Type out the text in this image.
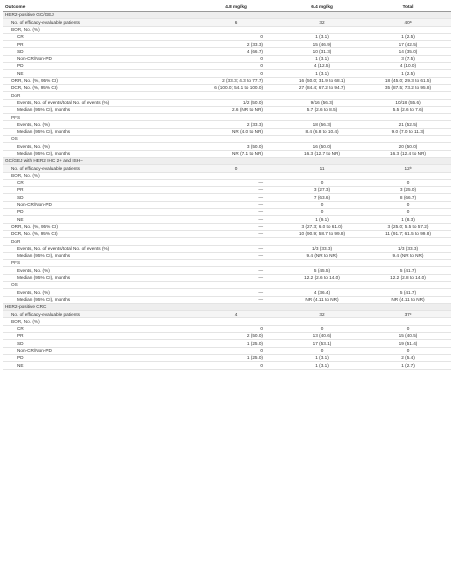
Outcome	4.8 mg/kg	6.4 mg/kg	Total
HER2-positive GC/GEJ			
No. of efficacy-evaluable patients	6	32	40ᵃ
BOR, No. (%)			
CR	0	1 (3.1)	1 (2.5)
PR	2 (33.3)	15 (46.9)	17 (42.5)
SD	4 (66.7)	10 (31.3)	14 (35.0)
Non-CR/Non-PD	0	1 (3.1)	3 (7.5)
PD	0	4 (12.5)	4 (10.0)
NE	0	1 (3.1)	1 (2.5)
ORR, No. (%, 95% CI)	2 (33.3; 4.3 to 77.7)	16 (50.0; 31.9 to 68.1)	18 (45.0; 29.3 to 61.5)
DCR, No. (%, 95% CI)	6 (100.0; 54.1 to 100.0)	27 (84.4; 67.2 to 94.7)	35 (87.5; 73.2 to 95.8)
DoR			
Events, No. of events/total No. of events (%)	1/2 (50.0)	9/16 (56.3)	10/18 (55.6)
Median (95% CI), months	2.6 (NR to NR)	5.7 (2.6 to 8.5)	5.5 (2.6 to 7.6)
PFS			
Events, No. (%)	2 (33.3)	18 (56.3)	21 (52.5)
Median (95% CI), months	NR (4.0 to NR)	8.4 (6.8 to 10.4)	9.0 (7.0 to 11.3)
OS			
Events, No. (%)	3 (50.0)	16 (50.0)	20 (50.0)
Median (95% CI), months	NR (7.1 to NR)	16.3 (12.7 to NR)	16.3 (12.4 to NR)
GC/GEJ with HER2 IHC 2+ and ISH−			
No. of efficacy-evaluable patients	0	11	12ᵇ
BOR, No. (%)			
CR	—	0	0
PR	—	3 (27.3)	3 (25.0)
SD	—	7 (63.6)	8 (66.7)
Non-CR/Non-PD	—	0	0
PD	—	0	0
NE	—	1 (9.1)	1 (8.3)
ORR, No. (%, 95% CI)	—	3 (27.3; 6.0 to 61.0)	3 (25.0; 5.5 to 57.2)
DCR, No. (%, 95% CI)	—	10 (90.9; 58.7 to 99.8)	11 (91.7; 61.5 to 99.8)
DoR			
Events, No. of events/total No. of events (%)	—	1/3 (33.3)	1/3 (33.3)
Median (95% CI), months	—	9.4 (NR to NR)	9.4 (NR to NR)
PFS			
Events, No. (%)	—	5 (45.5)	5 (41.7)
Median (95% CI), months	—	12.2 (2.6 to 14.0)	12.2 (2.8 to 14.0)
OS			
Events, No. (%)	—	4 (36.4)	5 (41.7)
Median (95% CI), months	—	NR (4.11 to NR)	NR (4.11 to NR)
HER2-positive CRC			
No. of efficacy-evaluable patients	4	32	37ᶜ
BOR, No. (%)			
CR	0	0	0
PR	2 (50.0)	13 (40.6)	15 (40.5)
SD	1 (25.0)	17 (53.1)	19 (51.4)
Non-CR/Non-PD	0	0	0
PD	1 (25.0)	1 (3.1)	2 (5.4)
NE	0	1 (3.1)	1 (2.7)
